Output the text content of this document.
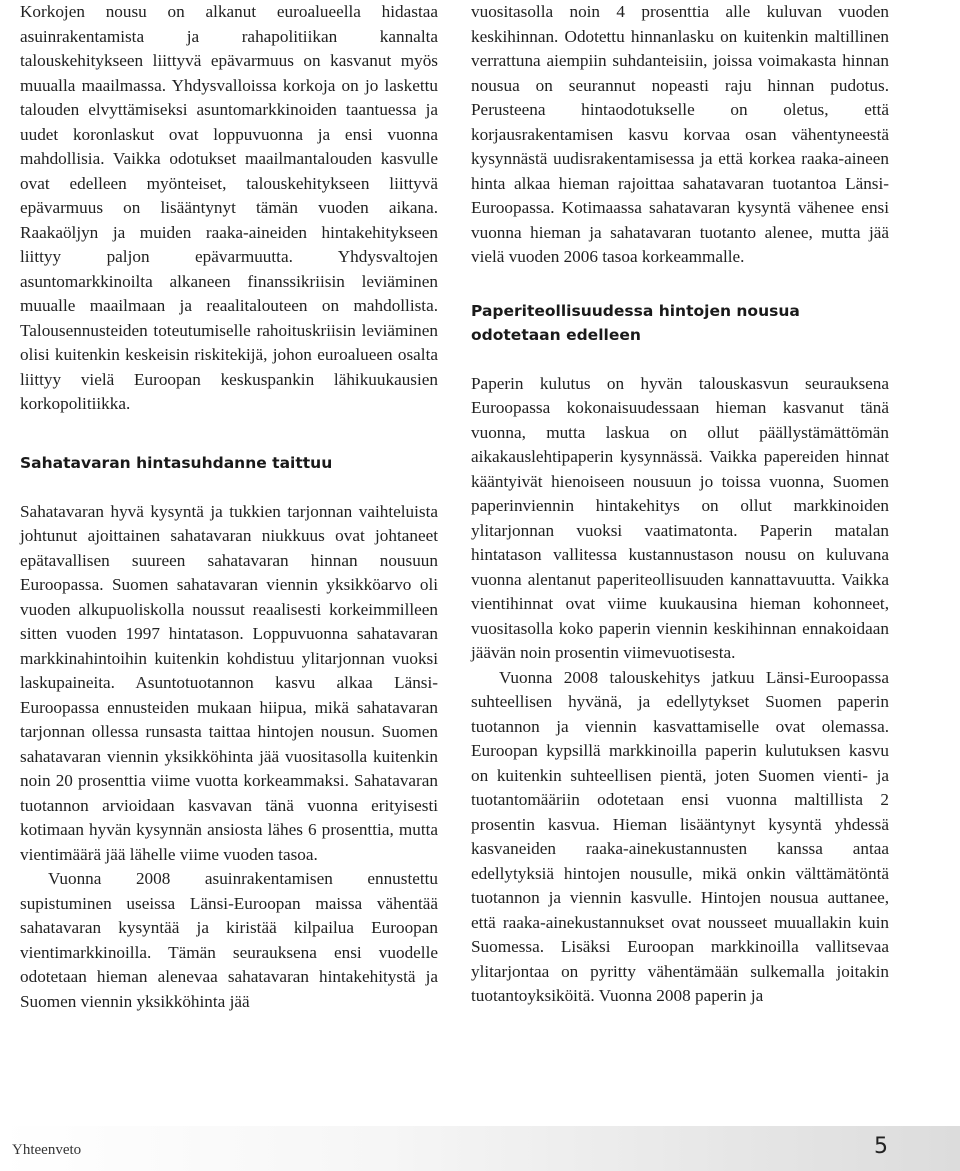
Korkojen nousu on alkanut euroalueella hidastaa asuinrakentamista ja rahapolitiikan kannalta talouskehitykseen liittyvä epävarmuus on kasvanut myös muualla maailmassa. Yhdysvalloissa korkoja on jo laskettu talouden elvyttämiseksi asuntomarkkinoiden taantuessa ja uudet koronlaskut ovat loppuvuonna ja ensi vuonna mahdollisia. Vaikka odotukset maailmantalouden kasvulle ovat edelleen myönteiset, talouskehitykseen liittyvä epävarmuus on lisääntynyt tämän vuoden aikana. Raakaöljyn ja muiden raaka-aineiden hintakehitykseen liittyy paljon epävarmuutta. Yhdysvaltojen asuntomarkkinoilta alkaneen finanssikriisin leviäminen muualle maailmaan ja reaalitalouteen on mahdollista. Talousennusteiden toteutumiselle rahoituskriisin leviäminen olisi kuitenkin keskeisin riskitekijä, johon euroalueen osalta liittyy vielä Euroopan keskuspankin lähikuukausien korkopolitiikka.

Sahatavaran hintasuhdanne taittuu

Sahatavaran hyvä kysyntä ja tukkien tarjonnan vaihteluista johtunut ajoittainen sahatavaran niukkuus ovat johtaneet epätavallisen suureen sahatavaran hinnan nousuun Euroopassa. Suomen sahatavaran viennin yksikköarvo oli vuoden alkupuoliskolla noussut reaalisesti korkeimmilleen sitten vuoden 1997 hintatason. Loppuvuonna sahatavaran markkinahintoihin kuitenkin kohdistuu ylitarjonnan vuoksi laskupaineita. Asuntotuotannon kasvu alkaa Länsi-Euroopassa ennusteiden mukaan hiipua, mikä sahatavaran tarjonnan ollessa runsasta taittaa hintojen nousun. Suomen sahatavaran viennin yksikköhinta jää vuositasolla kuitenkin noin 20 prosenttia viime vuotta korkeammaksi. Sahatavaran tuotannon arvioidaan kasvavan tänä vuonna erityisesti kotimaan hyvän kysynnän ansiosta lähes 6 prosenttia, mutta vientimäärä jää lähelle viime vuoden tasoa.

Vuonna 2008 asuinrakentamisen ennustettu supistuminen useissa Länsi-Euroopan maissa vähentää sahatavaran kysyntää ja kiristää kilpailua Euroopan vientimarkkinoilla. Tämän seurauksena ensi vuodelle odotetaan hieman alenevaa sahatavaran hintakehitystä ja Suomen viennin yksikköhinta jää

vuositasolla noin 4 prosenttia alle kuluvan vuoden keskihinnan. Odotettu hinnanlasku on kuitenkin maltillinen verrattuna aiempiin suhdanteisiin, joissa voimakasta hinnan nousua on seurannut nopeasti raju hinnan pudotus. Perusteena hintaodotukselle on oletus, että korjausrakentamisen kasvu korvaa osan vähentyneestä kysynnästä uudisrakentamisessa ja että korkea raaka-aineen hinta alkaa hieman rajoittaa sahatavaran tuotantoa Länsi-Euroopassa. Kotimaassa sahatavaran kysyntä vähenee ensi vuonna hieman ja sahatavaran tuotanto alenee, mutta jää vielä vuoden 2006 tasoa korkeammalle.

Paperiteollisuudessa hintojen nousua odotetaan edelleen

Paperin kulutus on hyvän talouskasvun seurauksena Euroopassa kokonaisuudessaan hieman kasvanut tänä vuonna, mutta laskua on ollut päällystämättömän aikakauslehtipaperin kysynnässä. Vaikka papereiden hinnat kääntyivät hienoiseen nousuun jo toissa vuonna, Suomen paperinviennin hintakehitys on ollut markkinoiden ylitarjonnan vuoksi vaatimatonta. Paperin matalan hintatason vallitessa kustannustason nousu on kuluvana vuonna alentanut paperiteollisuuden kannattavuutta. Vaikka vientihinnat ovat viime kuukausina hieman kohonneet, vuositasolla koko paperin viennin keskihinnan ennakoidaan jäävän noin prosentin viimevuotisesta.

Vuonna 2008 talouskehitys jatkuu Länsi-Euroopassa suhteellisen hyvänä, ja edellytykset Suomen paperin tuotannon ja viennin kasvattamiselle ovat olemassa. Euroopan kypsillä markkinoilla paperin kulutuksen kasvu on kuitenkin suhteellisen pientä, joten Suomen vienti- ja tuotantomääriin odotetaan ensi vuonna maltillista 2 prosentin kasvua. Hieman lisääntynyt kysyntä yhdessä kasvaneiden raaka-ainekustannusten kanssa antaa edellytyksiä hintojen nousulle, mikä onkin välttämätöntä tuotannon ja viennin kasvulle. Hintojen nousua auttanee, että raaka-ainekustannukset ovat nousseet muuallakin kuin Suomessa. Lisäksi Euroopan markkinoilla vallitsevaa ylitarjontaa on pyritty vähentämään sulkemalla joitakin tuotantoyksiköitä. Vuonna 2008 paperin ja

Yhteenveto	5
